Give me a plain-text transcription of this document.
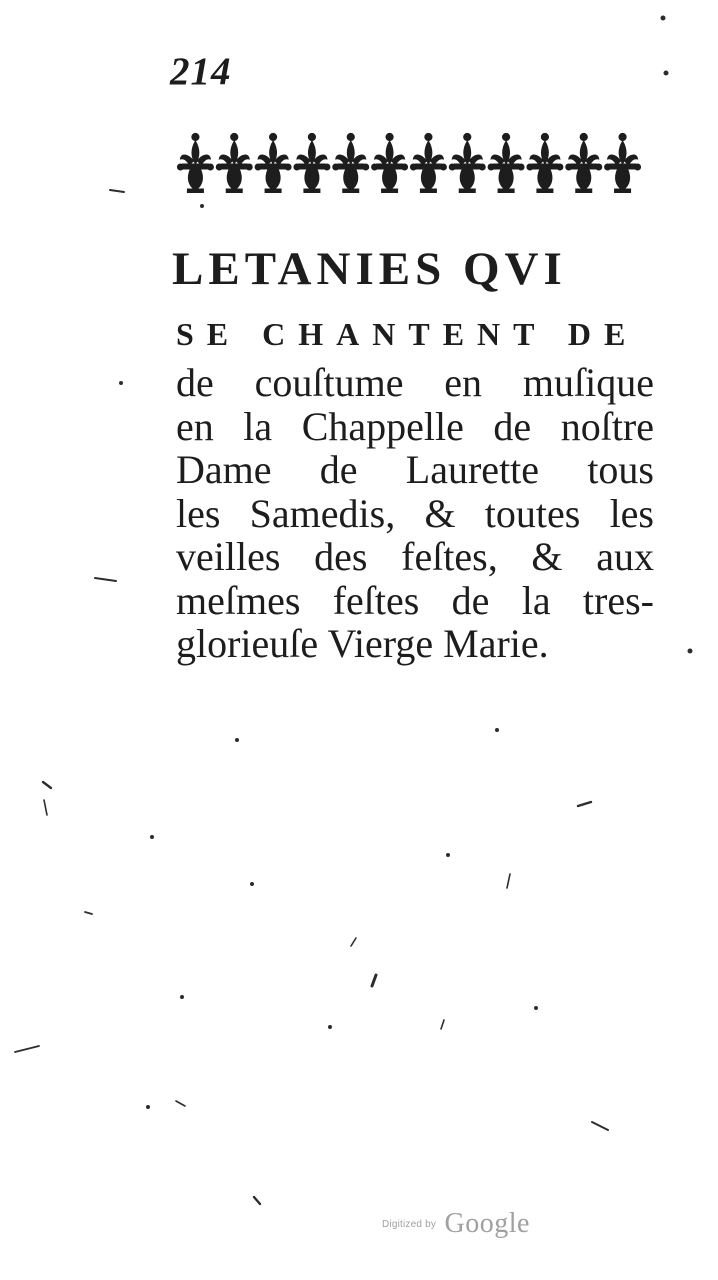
214
LETANIES QVI
SE CHANTENT DE
de couſtume en muſique
en la Chappelle de noſtre
Dame de Laurette tous
les Samedis, & toutes les
veilles des feſtes, & aux
meſmes feſtes de la tres-
glorieuſe Vierge Marie.
Digitized by Google
